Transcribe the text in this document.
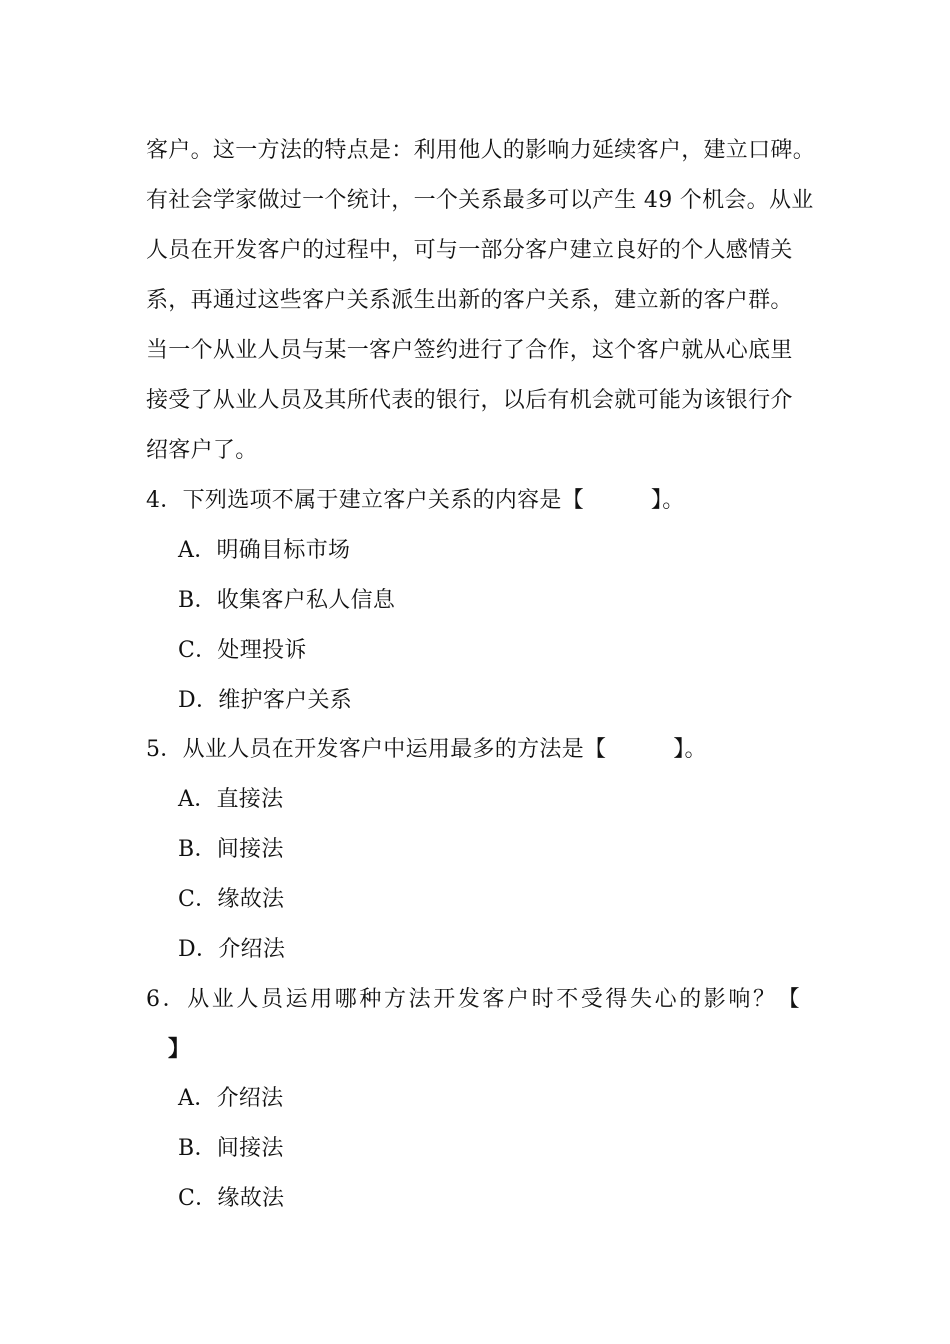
客户。这一方法的特点是：利用他人的影响力延续客户，建立口碑。
有社会学家做过一个统计，一个关系最多可以产生 49 个机会。从业
人员在开发客户的过程中，可与一部分客户建立良好的个人感情关
系，再通过这些客户关系派生出新的客户关系，建立新的客户群。
当一个从业人员与某一客户签约进行了合作，这个客户就从心底里
接受了从业人员及其所代表的银行，以后有机会就可能为该银行介
绍客户了。
4．下列选项不属于建立客户关系的内容是【　　　】。
A．明确目标市场
B．收集客户私人信息
C．处理投诉
D．维护客户关系
5．从业人员在开发客户中运用最多的方法是【　　　】。
A．直接法
B．间接法
C．缘故法
D．介绍法
6．从业人员运用哪种方法开发客户时不受得失心的影响？【
】
A．介绍法
B．间接法
C．缘故法
